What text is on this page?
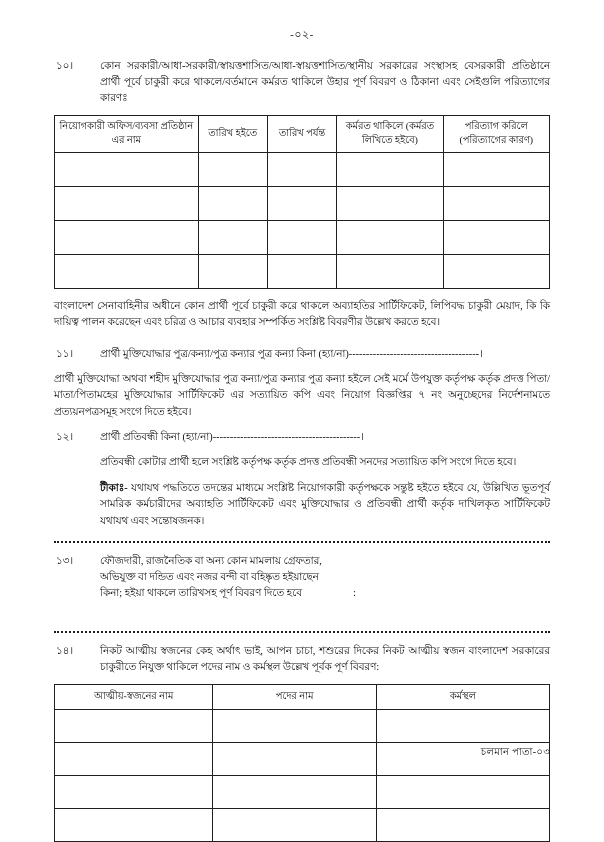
-০২-
১০।	কোন সরকারী/আধা-সরকারী/স্বায়ত্তশাসিত/আধা-স্বায়ত্তশাসিত/স্থানীয় সরকারের সংস্থাসহ বেসরকারী প্রতিষ্ঠানে প্রার্থী পূর্বে চাকুরী করে থাকলে/বর্তমানে কর্মরত থাকিলে উহার পূর্ণ বিবরণ ও ঠিকানা এবং সেইগুলি পরিত্যাগের কারণঃ
নিয়োগকারী অফিস/ব্যবসা প্রতিষ্ঠান এর নাম	তারিখ হইতে	তারিখ পর্যন্ত	কর্মরত থাকিলে (কর্মরত লিখিতে হইবে)	পরিত্যাগ করিলে (পরিত্যাগের কারণ)

বাংলাদেশ সেনাবাহিনীর অধীনে কোন প্রার্থী পূর্বে চাকুরী করে থাকলে অব্যাহতির সার্টিফিকেট, লিপিবদ্ধ চাকুরী মেয়াদ, কি কি দায়িত্ব পালন করেছেন এবং চরিত্র ও আচার ব্যবহার সম্পর্কিত সংশ্লিষ্ট বিবরণীর উল্লেখ করতে হবে।
১১।	প্রার্থী মুক্তিযোদ্ধার পুত্র/কন্যা/পুত্র কন্যার পুত্র কন্যা কিনা (হ্যা/না)--------------------------------------।
প্রার্থী মুক্তিযোদ্ধা অথবা শহীদ মুক্তিযোদ্ধার পুত্র কন্যা/পুত্র কন্যার পুত্র কন্যা হইলে সেই মর্মে উপযুক্ত কর্তৃপক্ষ কর্তৃক প্রদত্ত পিতা/মাতা/পিতামহের মুক্তিযোদ্ধার সার্টিফিকেট এর সত্যায়িত কপি এবং নিয়োগ বিজ্ঞপ্তির ৭ নং অনুচ্ছেদের নির্দেশনামতে প্রত্যয়নপত্রসমূহ সংগে দিতে হইবে।
১২।	প্রার্থী প্রতিবন্ধী কিনা (হ্যা/না)-------------------------------------------।
প্রতিবন্ধী কোটার প্রার্থী হলে সংশ্লিষ্ট কর্তৃপক্ষ কর্তৃক প্রদত্ত প্রতিবন্ধী সনদের সত্যায়িত কপি সংগে দিতে হবে।
টীকাঃ- যথাযথ পদ্ধতিতে তদন্তের মাধ্যমে সংশ্লিষ্ট নিয়োগকারী কর্তৃপক্ষকে সন্তুষ্ট হইতে হইবে যে, উল্লিখিত ভূতপূর্ব সামরিক কর্মচারীদের অব্যাহতি সার্টিফিকেট এবং মুক্তিযোদ্ধার ও প্রতিবন্ধী প্রার্থী কর্তৃক দাখিলকৃত সার্টিফিকেট যথাযথ এবং সন্তোষজনক।
১৩।	ফৌজদারী, রাজনৈতিক বা অন্য কোন মামলায় গ্রেফতার,
অভিযুক্ত বা দন্ডিত এবং নজর বন্দী বা বহিষ্কৃত হইয়াছেন
কিনা; হইয়া থাকলে তারিখসহ পূর্ণ বিবরণ দিতে হবে	:
১৪।	নিকট আত্মীয় স্বজনের কেহ অর্থাৎ ভাই, আপন চাচা, শশুরের দিকের নিকট আত্মীয় স্বজন বাংলাদেশ সরকারের চাকুরীতে নিযুক্ত থাকিলে পদের নাম ও কর্মস্থল উল্লেখ পূর্বক পূর্ণ বিবরণ:
আত্মীয়-স্বজনের নাম	পদের নাম	কর্মস্থল

চলমান পাতা-০৩
